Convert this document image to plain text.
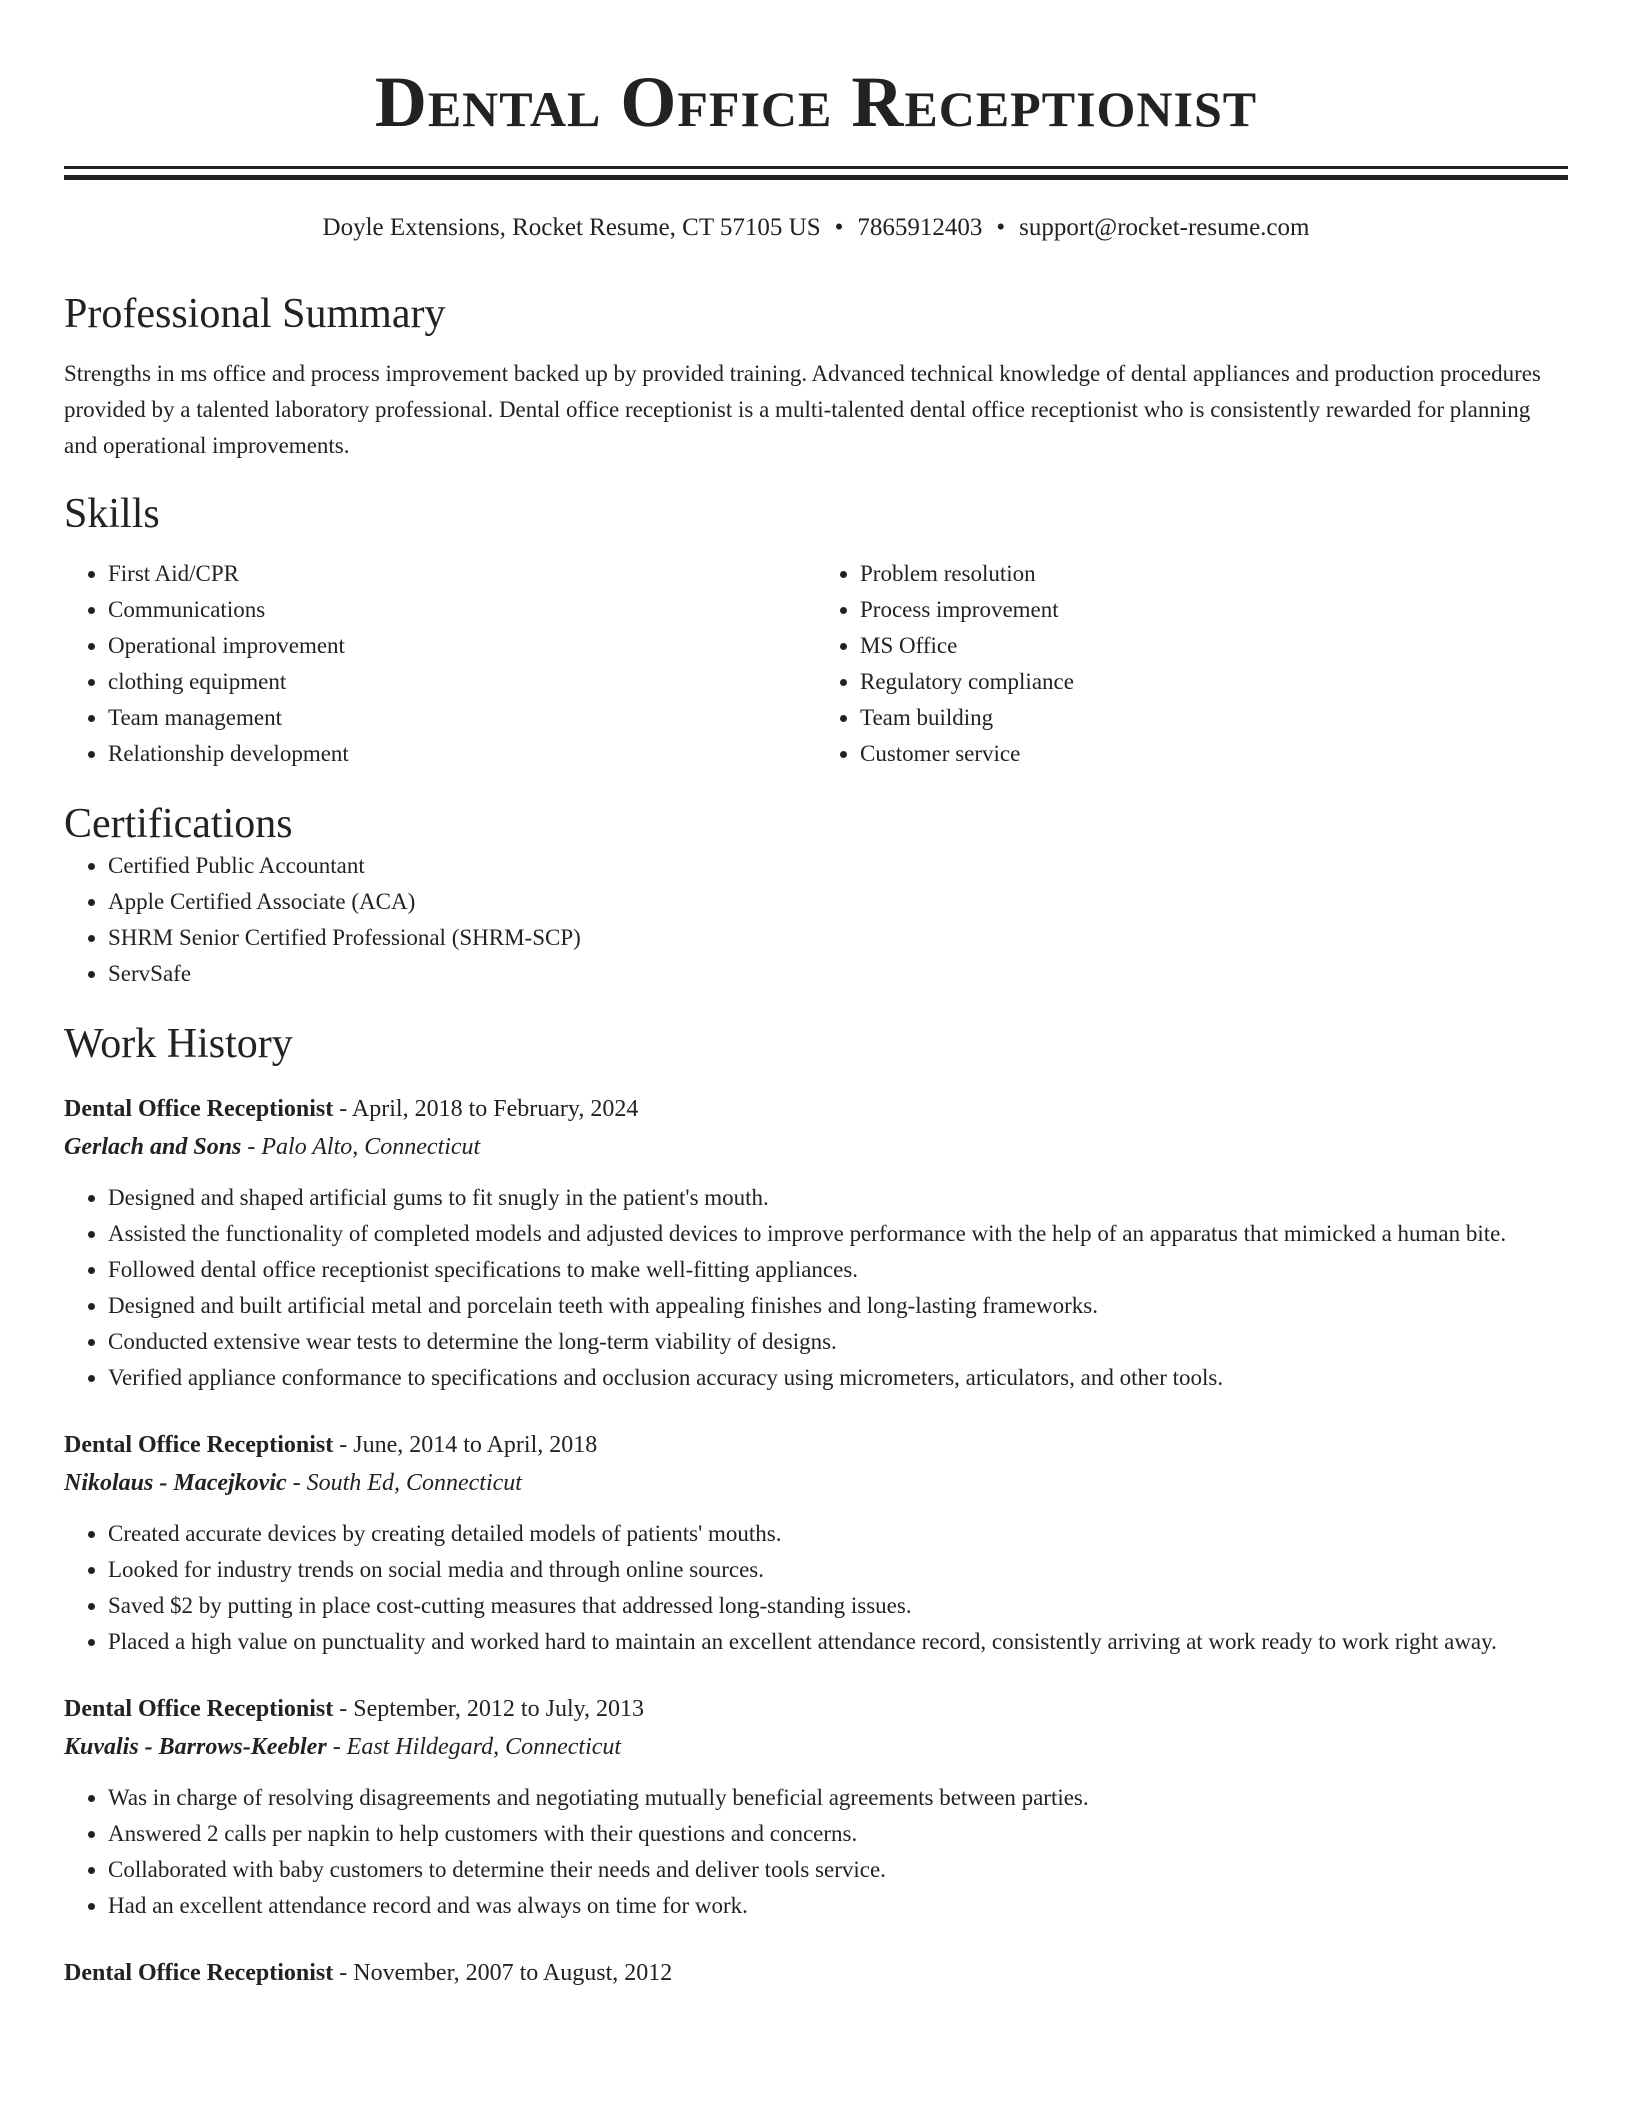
Dental Office Receptionist
Doyle Extensions, Rocket Resume, CT 57105 US • 7865912403 • support@rocket-resume.com
Professional Summary

Strengths in ms office and process improvement backed up by provided training. Advanced technical knowledge of dental appliances and production procedures provided by a talented laboratory professional. Dental office receptionist is a multi-talented dental office receptionist who is consistently rewarded for planning and operational improvements.

Skills
• First Aid/CPR
• Communications
• Operational improvement
• clothing equipment
• Team management
• Relationship development
• Problem resolution
• Process improvement
• MS Office
• Regulatory compliance
• Team building
• Customer service
Certifications
• Certified Public Accountant
• Apple Certified Associate (ACA)
• SHRM Senior Certified Professional (SHRM-SCP)
• ServSafe
Work History
Dental Office Receptionist - April, 2018 to February, 2024
Gerlach and Sons - Palo Alto, Connecticut
• Designed and shaped artificial gums to fit snugly in the patient's mouth.
• Assisted the functionality of completed models and adjusted devices to improve performance with the help of an apparatus that mimicked a human bite.
• Followed dental office receptionist specifications to make well-fitting appliances.
• Designed and built artificial metal and porcelain teeth with appealing finishes and long-lasting frameworks.
• Conducted extensive wear tests to determine the long-term viability of designs.
• Verified appliance conformance to specifications and occlusion accuracy using micrometers, articulators, and other tools.
Dental Office Receptionist - June, 2014 to April, 2018
Nikolaus - Macejkovic - South Ed, Connecticut
• Created accurate devices by creating detailed models of patients' mouths.
• Looked for industry trends on social media and through online sources.
• Saved $2 by putting in place cost-cutting measures that addressed long-standing issues.
• Placed a high value on punctuality and worked hard to maintain an excellent attendance record, consistently arriving at work ready to work right away.
Dental Office Receptionist - September, 2012 to July, 2013
Kuvalis - Barrows-Keebler - East Hildegard, Connecticut
• Was in charge of resolving disagreements and negotiating mutually beneficial agreements between parties.
• Answered 2 calls per napkin to help customers with their questions and concerns.
• Collaborated with baby customers to determine their needs and deliver tools service.
• Had an excellent attendance record and was always on time for work.
Dental Office Receptionist - November, 2007 to August, 2012
